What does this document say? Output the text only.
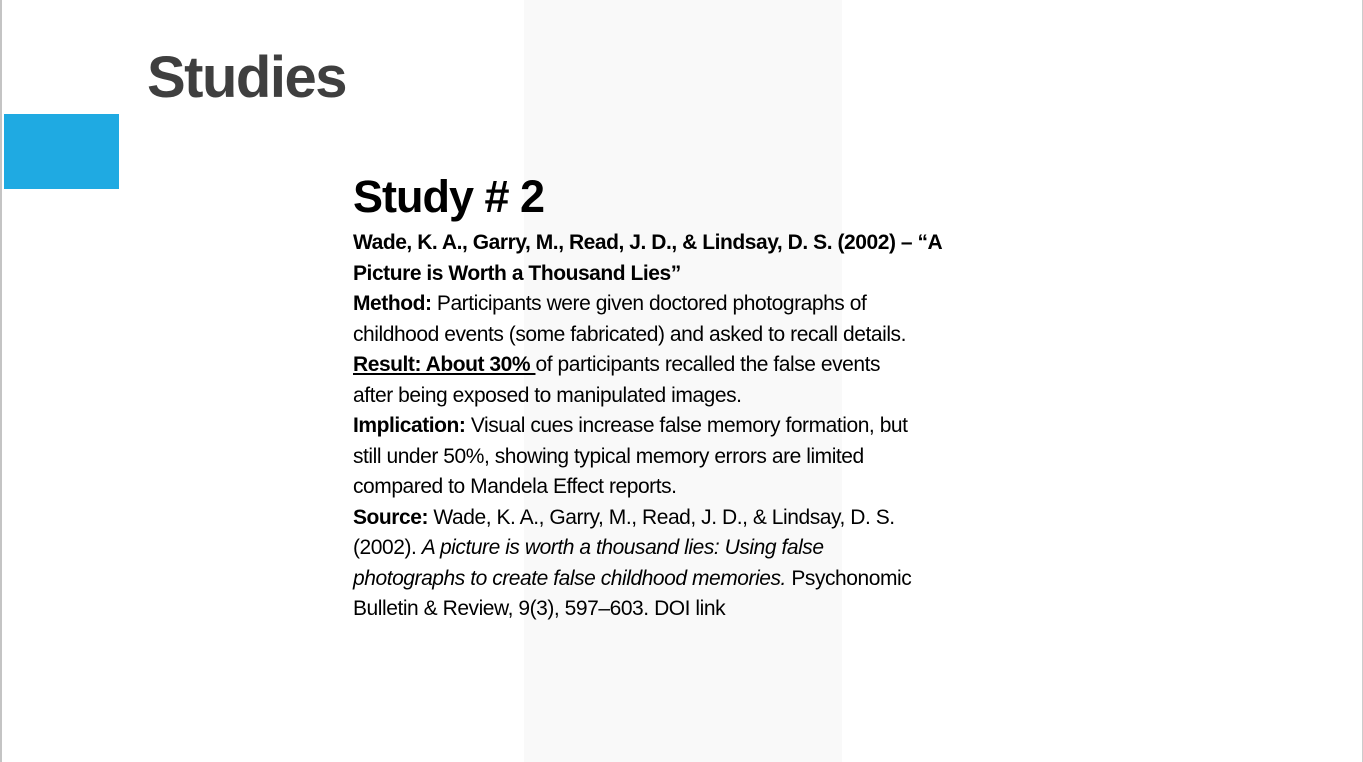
Studies
Study # 2
Wade, K. A., Garry, M., Read, J. D., & Lindsay, D. S. (2002) – “A
Picture is Worth a Thousand Lies”
Method: Participants were given doctored photographs of
childhood events (some fabricated) and asked to recall details.
Result: About 30% of participants recalled the false events
after being exposed to manipulated images.
Implication: Visual cues increase false memory formation, but
still under 50%, showing typical memory errors are limited
compared to Mandela Effect reports.
Source: Wade, K. A., Garry, M., Read, J. D., & Lindsay, D. S.
(2002). A picture is worth a thousand lies: Using false
photographs to create false childhood memories. Psychonomic
Bulletin & Review, 9(3), 597–603. DOI link
